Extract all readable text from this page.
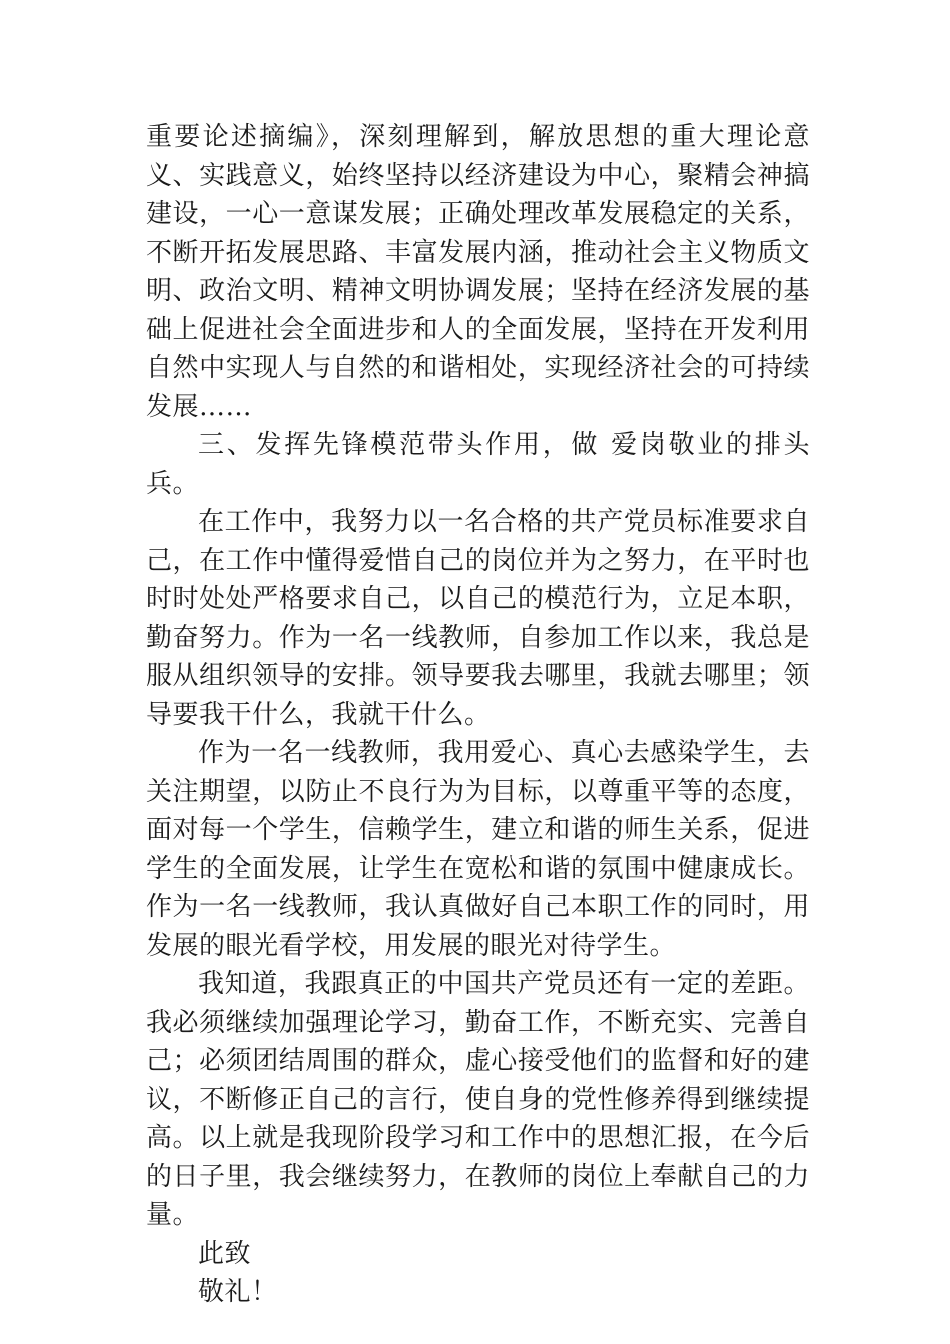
重要论述摘编》，深刻理解到，解放思想的重大理论意义、实践意义，始终坚持以经济建设为中心，聚精会神搞建设，一心一意谋发展；正确处理改革发展稳定的关系，不断开拓发展思路、丰富发展内涵，推动社会主义物质文明、政治文明、精神文明协调发展；坚持在经济发展的基础上促进社会全面进步和人的全面发展，坚持在开发利用自然中实现人与自然的和谐相处，实现经济社会的可持续发展……

三、发挥先锋模范带头作用，做 爱岗敬业的排头兵。

在工作中，我努力以一名合格的共产党员标准要求自己，在工作中懂得爱惜自己的岗位并为之努力，在平时也时时处处严格要求自己，以自己的模范行为，立足本职，勤奋努力。作为一名一线教师，自参加工作以来，我总是服从组织领导的安排。领导要我去哪里，我就去哪里；领导要我干什么，我就干什么。

作为一名一线教师，我用爱心、真心去感染学生，去关注期望，以防止不良行为为目标，以尊重平等的态度，面对每一个学生，信赖学生，建立和谐的师生关系，促进学生的全面发展，让学生在宽松和谐的氛围中健康成长。作为一名一线教师，我认真做好自己本职工作的同时，用发展的眼光看学校，用发展的眼光对待学生。

我知道，我跟真正的中国共产党员还有一定的差距。我必须继续加强理论学习，勤奋工作，不断充实、完善自己；必须团结周围的群众，虚心接受他们的监督和好的建议，不断修正自己的言行，使自身的党性修养得到继续提高。以上就是我现阶段学习和工作中的思想汇报，在今后的日子里，我会继续努力，在教师的岗位上奉献自己的力量。

此致

敬礼！
